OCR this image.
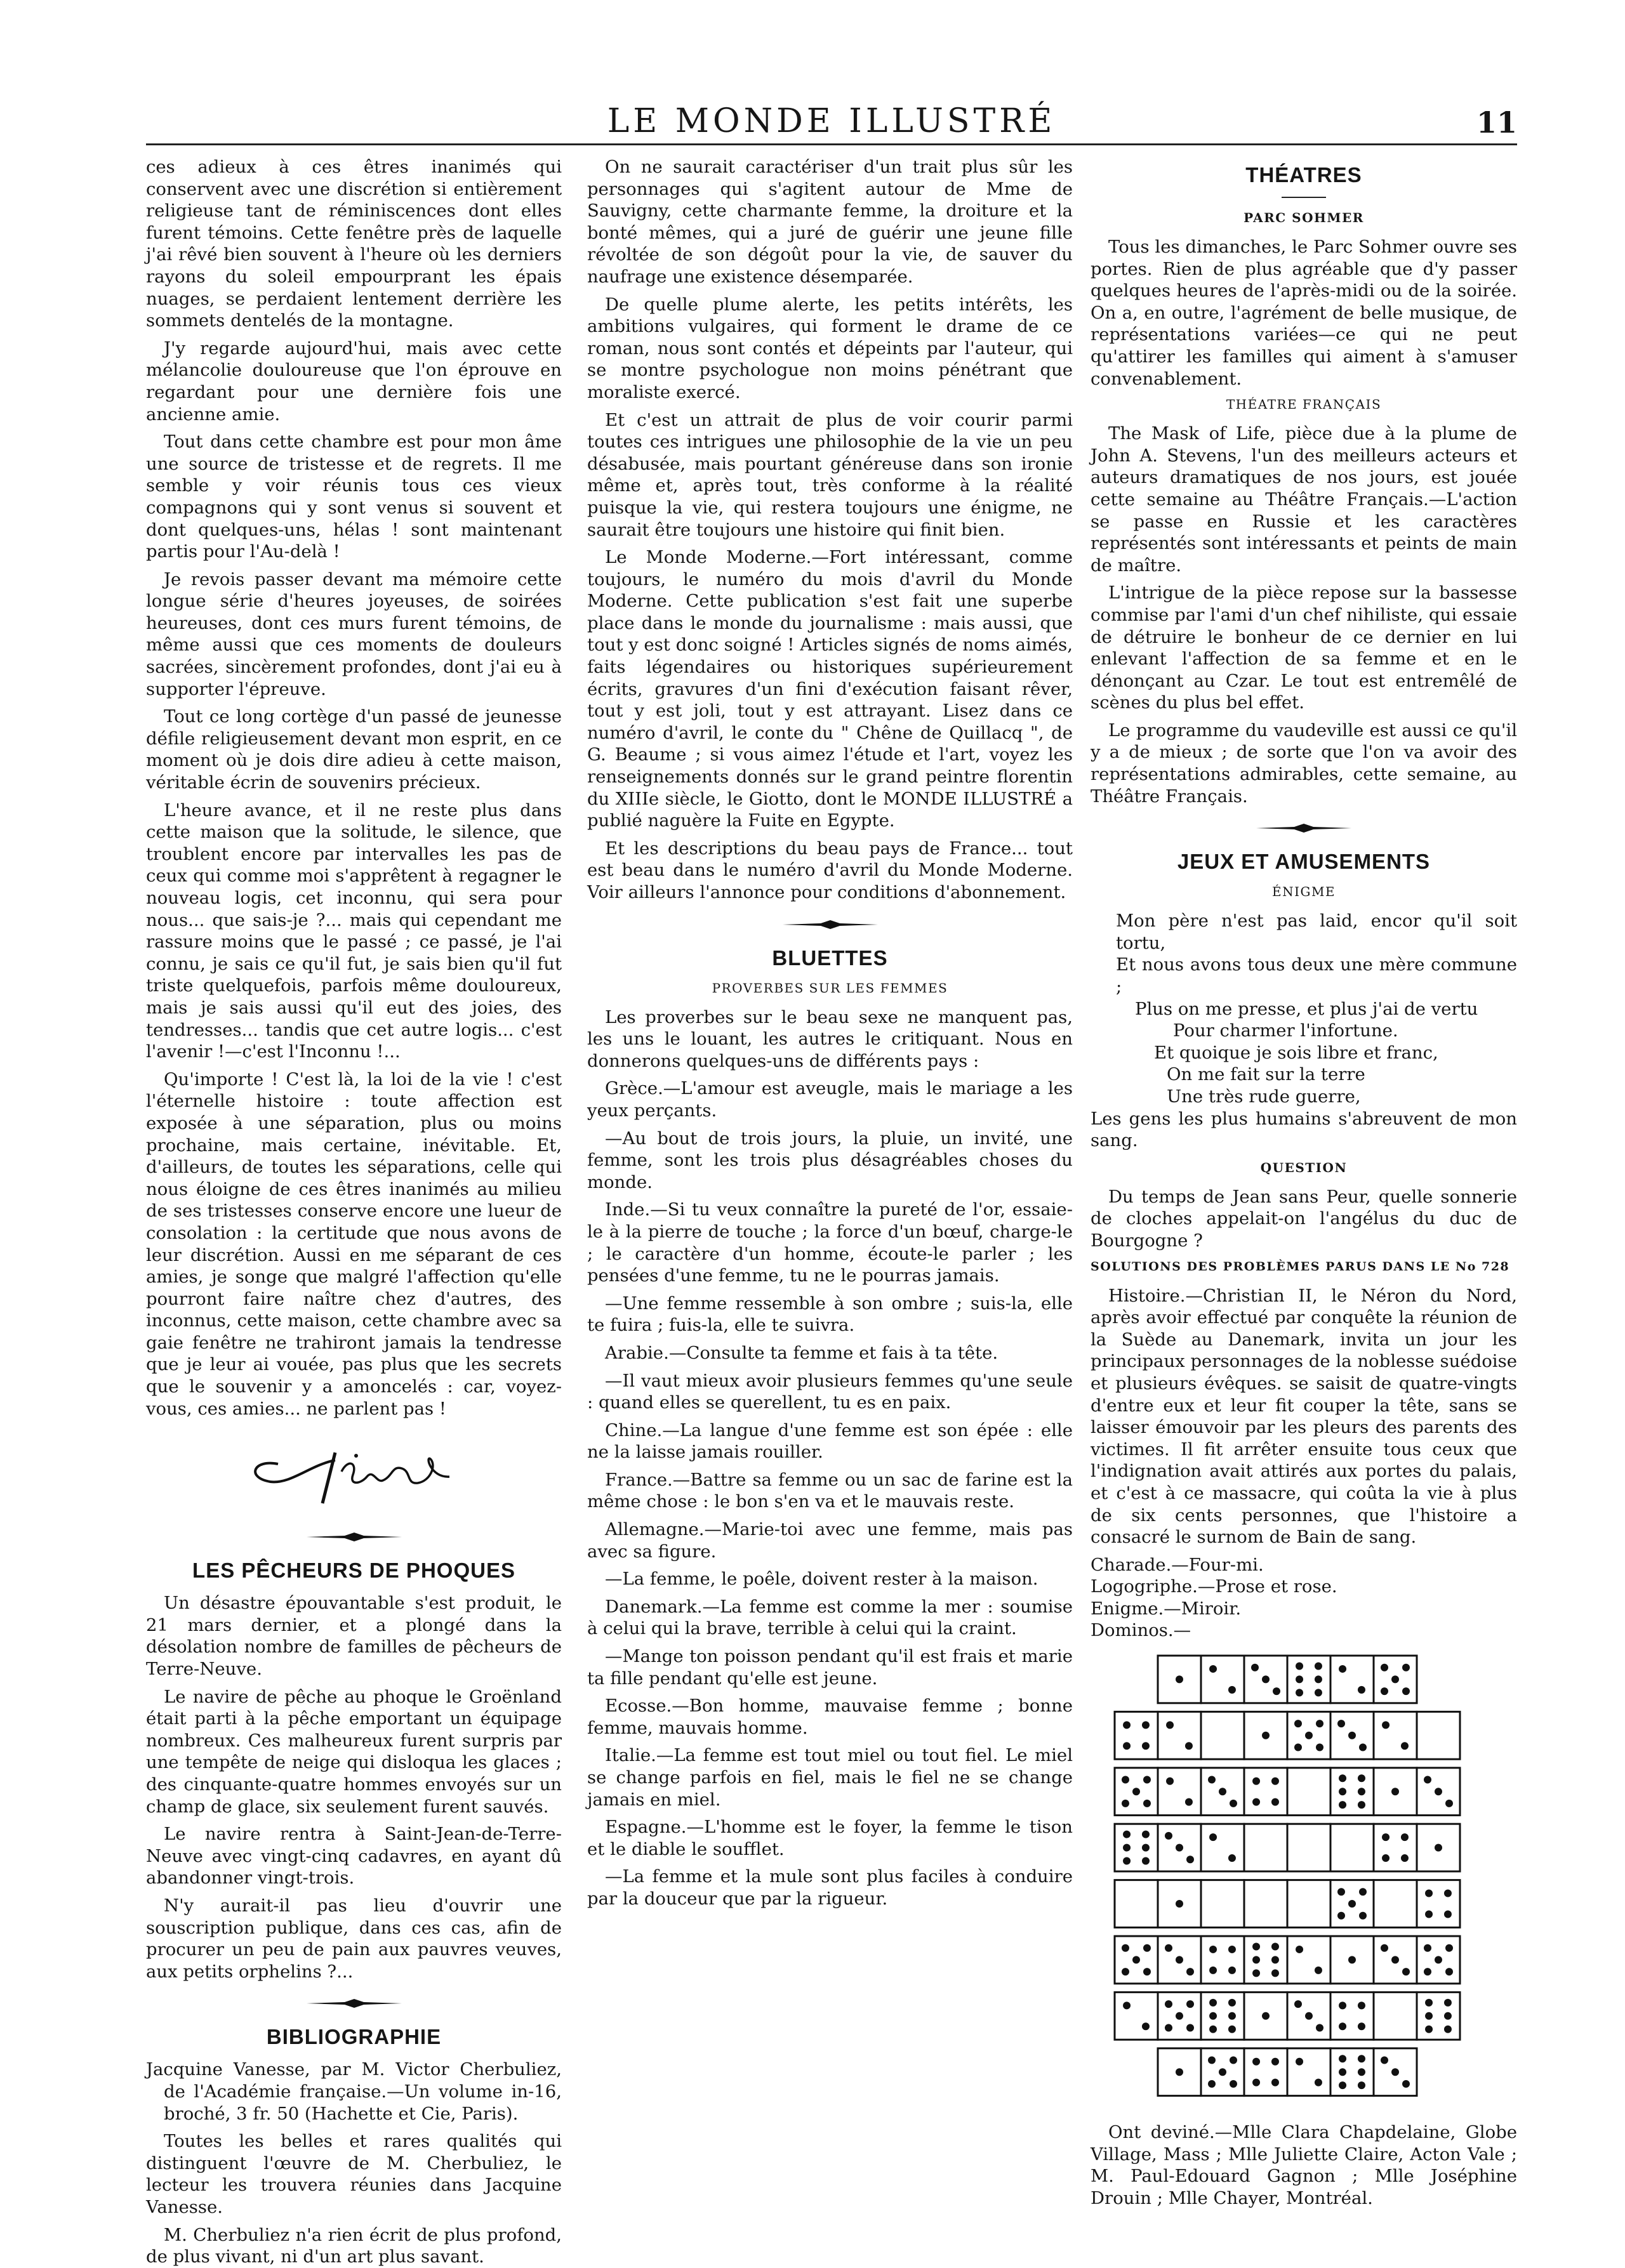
LE MONDE ILLUSTRÉ	11

ces adieux à ces êtres inanimés qui conservent avec une discrétion si entièrement religieuse tant de réminiscences dont elles furent témoins. Cette fenêtre près de laquelle j'ai rêvé bien souvent à l'heure où les derniers rayons du soleil empourprant les épais nuages, se perdaient lentement derrière les sommets dentelés de la montagne.

J'y regarde aujourd'hui, mais avec cette mélancolie douloureuse que l'on éprouve en regardant pour une dernière fois une ancienne amie.

Tout dans cette chambre est pour mon âme une source de tristesse et de regrets. Il me semble y voir réunis tous ces vieux compagnons qui y sont venus si souvent et dont quelques-uns, hélas ! sont maintenant partis pour l'Au-delà !

Je revois passer devant ma mémoire cette longue série d'heures joyeuses, de soirées heureuses, dont ces murs furent témoins, de même aussi que ces moments de douleurs sacrées, sincèrement profondes, dont j'ai eu à supporter l'épreuve.

Tout ce long cortège d'un passé de jeunesse défile religieusement devant mon esprit, en ce moment où je dois dire adieu à cette maison, véritable écrin de souvenirs précieux.

L'heure avance, et il ne reste plus dans cette maison que la solitude, le silence, que troublent encore par intervalles les pas de ceux qui comme moi s'apprêtent à regagner le nouveau logis, cet inconnu, qui sera pour nous... que sais-je ?... mais qui cependant me rassure moins que le passé ; ce passé, je l'ai connu, je sais ce qu'il fut, je sais bien qu'il fut triste quelquefois, parfois même douloureux, mais je sais aussi qu'il eut des joies, des tendresses... tandis que cet autre logis... c'est l'avenir !—c'est l'Inconnu !...

Qu'importe ! C'est là, la loi de la vie ! c'est l'éternelle histoire : toute affection est exposée à une séparation, plus ou moins prochaine, mais certaine, inévitable. Et, d'ailleurs, de toutes les séparations, celle qui nous éloigne de ces êtres inanimés au milieu de ses tristesses conserve encore une lueur de consolation : la certitude que nous avons de leur discrétion. Aussi en me séparant de ces amies, je songe que malgré l'affection qu'elle pourront faire naître chez d'autres, des inconnus, cette maison, cette chambre avec sa gaie fenêtre ne trahiront jamais la tendresse que je leur ai vouée, pas plus que les secrets que le souvenir y a amoncelés : car, voyez-vous, ces amies... ne parlent pas !

LES PÊCHEURS DE PHOQUES

Un désastre épouvantable s'est produit, le 21 mars dernier, et a plongé dans la désolation nombre de familles de pêcheurs de Terre-Neuve.

Le navire de pêche au phoque le Groënland était parti à la pêche emportant un équipage nombreux. Ces malheureux furent surpris par une tempête de neige qui disloqua les glaces ; des cinquante-quatre hommes envoyés sur un champ de glace, six seulement furent sauvés.

Le navire rentra à Saint-Jean-de-Terre-Neuve avec vingt-cinq cadavres, en ayant dû abandonner vingt-trois.

N'y aurait-il pas lieu d'ouvrir une souscription publique, dans ces cas, afin de procurer un peu de pain aux pauvres veuves, aux petits orphelins ?...

BIBLIOGRAPHIE

Jacquine Vanesse, par M. Victor Cherbuliez, de l'Académie française.—Un volume in-16, broché, 3 fr. 50 (Hachette et Cie, Paris).

Toutes les belles et rares qualités qui distinguent l'œuvre de M. Cherbuliez, le lecteur les trouvera réunies dans Jacquine Vanesse.

M. Cherbuliez n'a rien écrit de plus profond, de plus vivant, ni d'un art plus savant.

On ne saurait caractériser d'un trait plus sûr les personnages qui s'agitent autour de Mme de Sauvigny, cette charmante femme, la droiture et la bonté mêmes, qui a juré de guérir une jeune fille révoltée de son dégoût pour la vie, de sauver du naufrage une existence désemparée.

De quelle plume alerte, les petits intérêts, les ambitions vulgaires, qui forment le drame de ce roman, nous sont contés et dépeints par l'auteur, qui se montre psychologue non moins pénétrant que moraliste exercé.

Et c'est un attrait de plus de voir courir parmi toutes ces intrigues une philosophie de la vie un peu désabusée, mais pourtant généreuse dans son ironie même et, après tout, très conforme à la réalité puisque la vie, qui restera toujours une énigme, ne saurait être toujours une histoire qui finit bien.

Le Monde Moderne.—Fort intéressant, comme toujours, le numéro du mois d'avril du Monde Moderne. Cette publication s'est fait une superbe place dans le monde du journalisme : mais aussi, que tout y est donc soigné ! Articles signés de noms aimés, faits légendaires ou historiques supérieurement écrits, gravures d'un fini d'exécution faisant rêver, tout y est joli, tout y est attrayant. Lisez dans ce numéro d'avril, le conte du " Chêne de Quillacq ", de G. Beaume ; si vous aimez l'étude et l'art, voyez les renseignements donnés sur le grand peintre florentin du XIIIe siècle, le Giotto, dont le MONDE ILLUSTRÉ a publié naguère la Fuite en Egypte.

Et les descriptions du beau pays de France... tout est beau dans le numéro d'avril du Monde Moderne. Voir ailleurs l'annonce pour conditions d'abonnement.

BLUETTES
PROVERBES SUR LES FEMMES

Les proverbes sur le beau sexe ne manquent pas, les uns le louant, les autres le critiquant. Nous en donnerons quelques-uns de différents pays :

Grèce.—L'amour est aveugle, mais le mariage a les yeux perçants.

—Au bout de trois jours, la pluie, un invité, une femme, sont les trois plus désagréables choses du monde.

Inde.—Si tu veux connaître la pureté de l'or, essaie-le à la pierre de touche ; la force d'un bœuf, charge-le ; le caractère d'un homme, écoute-le parler ; les pensées d'une femme, tu ne le pourras jamais.

—Une femme ressemble à son ombre ; suis-la, elle te fuira ; fuis-la, elle te suivra.

Arabie.—Consulte ta femme et fais à ta tête.

—Il vaut mieux avoir plusieurs femmes qu'une seule : quand elles se querellent, tu es en paix.

Chine.—La langue d'une femme est son épée : elle ne la laisse jamais rouiller.

France.—Battre sa femme ou un sac de farine est la même chose : le bon s'en va et le mauvais reste.

Allemagne.—Marie-toi avec une femme, mais pas avec sa figure.

—La femme, le poêle, doivent rester à la maison.

Danemark.—La femme est comme la mer : soumise à celui qui la brave, terrible à celui qui la craint.

—Mange ton poisson pendant qu'il est frais et marie ta fille pendant qu'elle est jeune.

Ecosse.—Bon homme, mauvaise femme ; bonne femme, mauvais homme.

Italie.—La femme est tout miel ou tout fiel. Le miel se change parfois en fiel, mais le fiel ne se change jamais en miel.

Espagne.—L'homme est le foyer, la femme le tison et le diable le soufflet.

—La femme et la mule sont plus faciles à conduire par la douceur que par la rigueur.

THÉATRES
PARC SOHMER

Tous les dimanches, le Parc Sohmer ouvre ses portes. Rien de plus agréable que d'y passer quelques heures de l'après-midi ou de la soirée. On a, en outre, l'agrément de belle musique, de représentations variées—ce qui ne peut qu'attirer les familles qui aiment à s'amuser convenablement.

THÉATRE FRANÇAIS

The Mask of Life, pièce due à la plume de John A. Stevens, l'un des meilleurs acteurs et auteurs dramatiques de nos jours, est jouée cette semaine au Théâtre Français.—L'action se passe en Russie et les caractères représentés sont intéressants et peints de main de maître.

L'intrigue de la pièce repose sur la bassesse commise par l'ami d'un chef nihiliste, qui essaie de détruire le bonheur de ce dernier en lui enlevant l'affection de sa femme et en le dénonçant au Czar. Le tout est entremêlé de scènes du plus bel effet.

Le programme du vaudeville est aussi ce qu'il y a de mieux ; de sorte que l'on va avoir des représentations admirables, cette semaine, au Théâtre Français.

JEUX ET AMUSEMENTS
ÉNIGME
Mon père n'est pas laid, encor qu'il soit tortu,
Et nous avons tous deux une mère commune ;
Plus on me presse, et plus j'ai de vertu
Pour charmer l'infortune.
Et quoique je sois libre et franc,
On me fait sur la terre
Une très rude guerre,
Les gens les plus humains s'abreuvent de mon sang.
QUESTION

Du temps de Jean sans Peur, quelle sonnerie de cloches appelait-on l'angélus du duc de Bourgogne ?

SOLUTIONS DES PROBLÈMES PARUS DANS LE No 728

Histoire.—Christian II, le Néron du Nord, après avoir effectué par conquête la réunion de la Suède au Danemark, invita un jour les principaux personnages de la noblesse suédoise et plusieurs évêques. se saisit de quatre-vingts d'entre eux et leur fit couper la tête, sans se laisser émouvoir par les pleurs des parents des victimes. Il fit arrêter ensuite tous ceux que l'indignation avait attirés aux portes du palais, et c'est à ce massacre, qui coûta la vie à plus de six cents personnes, que l'histoire a consacré le surnom de Bain de sang.

Charade.—Four-mi.
Logogriphe.—Prose et rose.
Enigme.—Miroir.
Dominos.—

Ont deviné.—Mlle Clara Chapdelaine, Globe Village, Mass ; Mlle Juliette Claire, Acton Vale ; M. Paul-Edouard Gagnon ; Mlle Joséphine Drouin ; Mlle Chayer, Montréal.
